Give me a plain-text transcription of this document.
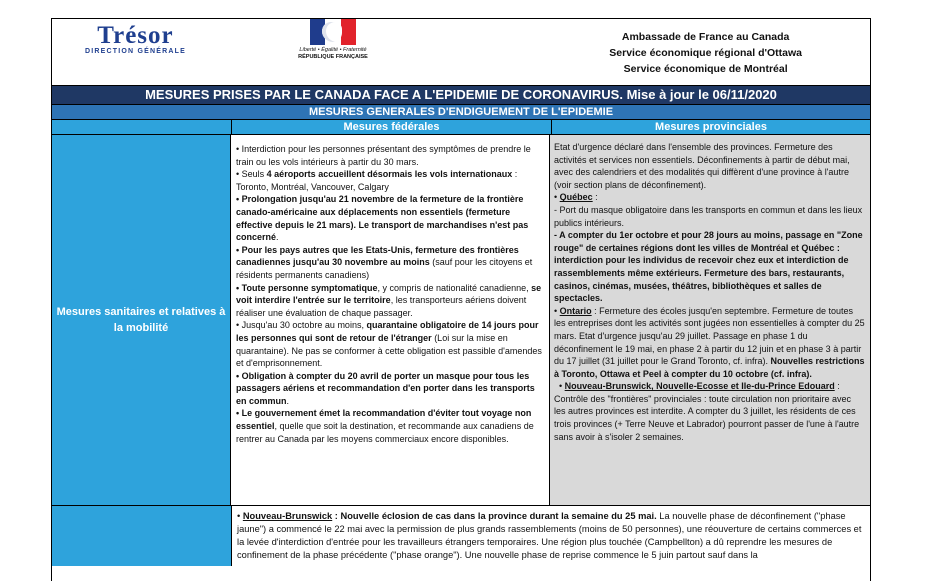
Trésor
DIRECTION GÉNÉRALE	Liberté • Égalité • Fraternité
RÉPUBLIQUE FRANÇAISE
Ambassade de France au Canada
Service économique régional d'Ottawa
Service économique de Montréal
MESURES PRISES PAR LE CANADA FACE A L'EPIDEMIE DE CORONAVIRUS. Mise à jour le 06/11/2020
MESURES GENERALES D'ENDIGUEMENT DE L'EPIDEMIE
Mesures fédérales	Mesures provinciales
Mesures sanitaires et relatives à la mobilité

• Interdiction pour les personnes présentant des symptômes de prendre le train ou les vols intérieurs à partir du 30 mars.

• Seuls 4 aéroports accueillent désormais les vols internationaux : Toronto, Montréal, Vancouver, Calgary

• Prolongation jusqu'au 21 novembre de la fermeture de la frontière canado-américaine aux déplacements non essentiels (fermeture effective depuis le 21 mars). Le transport de marchandises n'est pas concerné.

• Pour les pays autres que les Etats-Unis, fermeture des frontières canadiennes jusqu'au 30 novembre au moins (sauf pour les citoyens et résidents permanents canadiens)

• Toute personne symptomatique, y compris de nationalité canadienne, se voit interdire l'entrée sur le territoire, les transporteurs aériens doivent réaliser une évaluation de chaque passager.

• Jusqu'au 30 octobre au moins, quarantaine obligatoire de 14 jours pour les personnes qui sont de retour de l'étranger (Loi sur la mise en quarantaine). Ne pas se conformer à cette obligation est passible d'amendes et d'emprisonnement.

• Obligation à compter du 20 avril de porter un masque pour tous les passagers aériens et recommandation d'en porter dans les transports en commun.

• Le gouvernement émet la recommandation d'éviter tout voyage non essentiel, quelle que soit la destination, et recommande aux canadiens de rentrer au Canada par les moyens commerciaux encore disponibles.

Etat d'urgence déclaré dans l'ensemble des provinces. Fermeture des activités et services non essentiels. Déconfinements à partir de début mai, avec des calendriers et des modalités qui diffèrent d'une province à l'autre (voir section plans de déconfinement).

• Québec :

- Port du masque obligatoire dans les transports en commun et dans les lieux publics intérieurs.

- A compter du 1er octobre et pour 28 jours au moins, passage en "Zone rouge" de certaines régions dont les villes de Montréal et Québec : interdiction pour les individus de recevoir chez eux et interdiction de rassemblements même extérieurs. Fermeture des bars, restaurants, casinos, cinémas, musées, théâtres, bibliothèques et salles de spectacles.

• Ontario : Fermeture des écoles jusqu'en septembre. Fermeture de toutes les entreprises dont les activités sont jugées non essentielles à compter du 25 mars. Etat d'urgence jusqu'au 29 juillet. Passage en phase 1 du déconfinement le 19 mai, en phase 2 à partir du 12 juin et en phase 3 à partir du 17 juillet (31 juillet pour le Grand Toronto, cf. infra). Nouvelles restrictions à Toronto, Ottawa et Peel à compter du 10 octobre (cf. infra).

• Nouveau-Brunswick, Nouvelle-Ecosse et Ile-du-Prince Edouard : Contrôle des "frontières" provinciales : toute circulation non prioritaire avec les autres provinces est interdite. A compter du 3 juillet, les résidents de ces trois provinces (+ Terre Neuve et Labrador) pourront passer de l'une à l'autre sans avoir à s'isoler 2 semaines.

• Nouveau-Brunswick : Nouvelle éclosion de cas dans la province durant la semaine du 25 mai. La nouvelle phase de déconfinement ("phase jaune") a commencé le 22 mai avec la permission de plus grands rassemblements (moins de 50 personnes), une réouverture de certains commerces et la levée d'interdiction d'entrée pour les travailleurs étrangers temporaires. Une région plus touchée (Campbellton) a dû reprendre les mesures de confinement de la phase précédente ("phase orange"). Une nouvelle phase de reprise commence le 5 juin partout sauf dans la
